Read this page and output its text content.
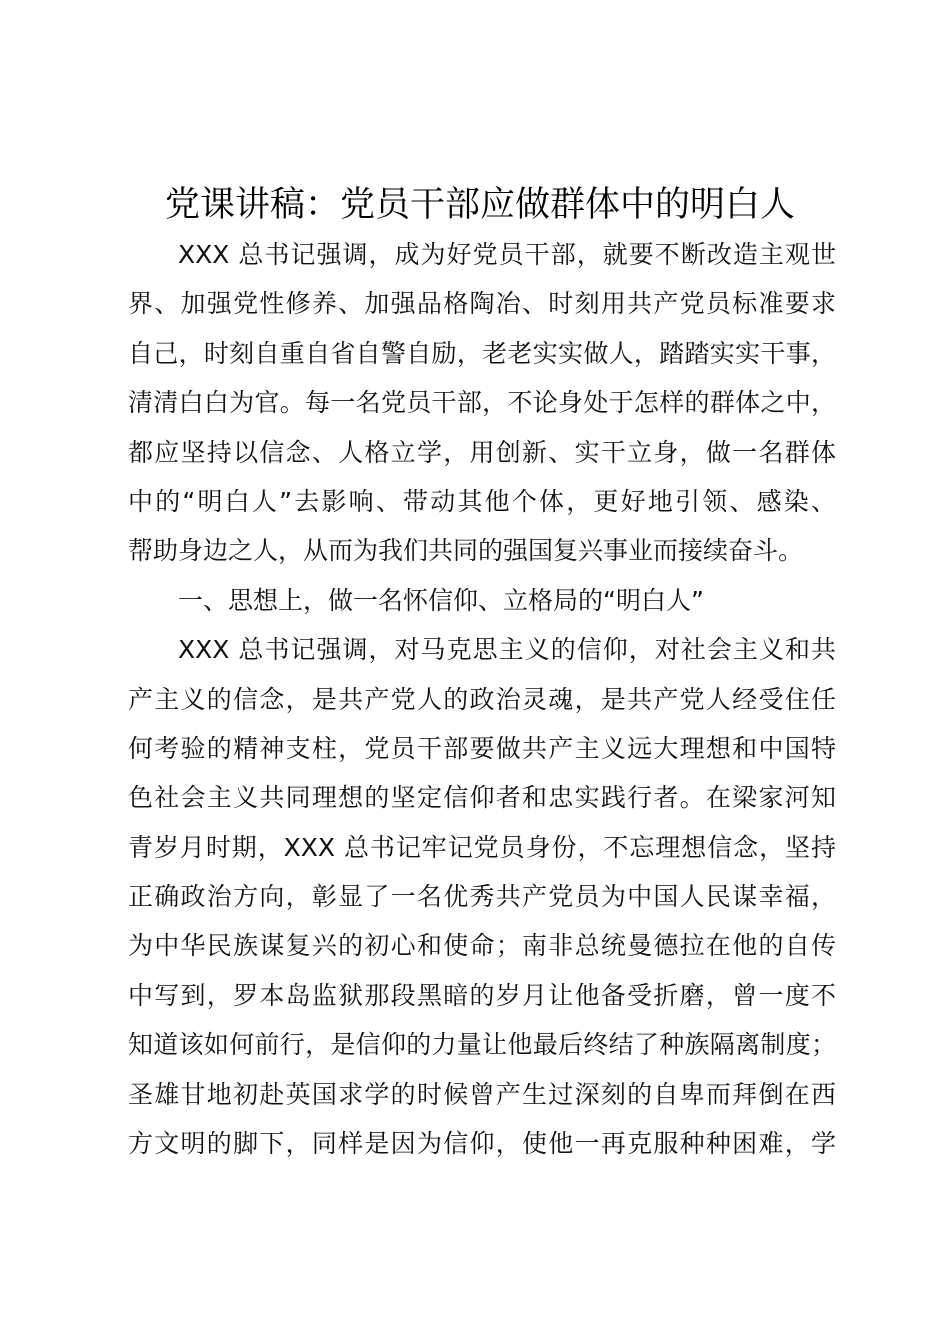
党课讲稿：党员干部应做群体中的明白人
XXX 总书记强调，成为好党员干部，就要不断改造主观世
界、加强党性修养、加强品格陶冶、时刻用共产党员标准要求
自己，时刻自重自省自警自励，老老实实做人，踏踏实实干事，
清清白白为官。每一名党员干部，不论身处于怎样的群体之中，
都应坚持以信念、人格立学，用创新、实干立身，做一名群体
中的“明白人”去影响、带动其他个体，更好地引领、感染、
帮助身边之人，从而为我们共同的强国复兴事业而接续奋斗。
一、思想上，做一名怀信仰、立格局的“明白人”
XXX 总书记强调，对马克思主义的信仰，对社会主义和共
产主义的信念，是共产党人的政治灵魂，是共产党人经受住任
何考验的精神支柱，党员干部要做共产主义远大理想和中国特
色社会主义共同理想的坚定信仰者和忠实践行者。在梁家河知
青岁月时期，XXX 总书记牢记党员身份，不忘理想信念，坚持
正确政治方向，彰显了一名优秀共产党员为中国人民谋幸福，
为中华民族谋复兴的初心和使命；南非总统曼德拉在他的自传
中写到，罗本岛监狱那段黑暗的岁月让他备受折磨，曾一度不
知道该如何前行，是信仰的力量让他最后终结了种族隔离制度；
圣雄甘地初赴英国求学的时候曾产生过深刻的自卑而拜倒在西
方文明的脚下，同样是因为信仰，使他一再克服种种困难，学
